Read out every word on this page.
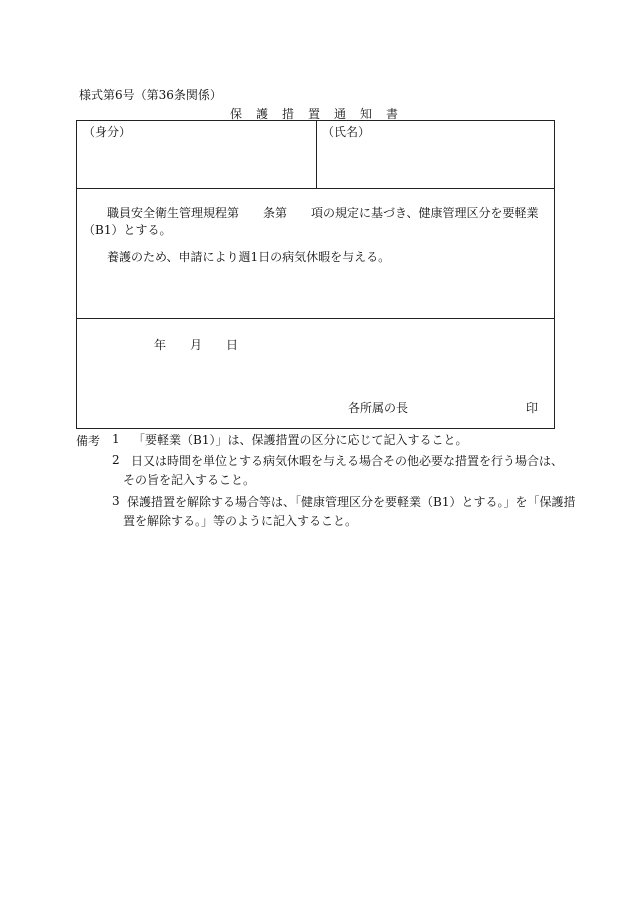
様式第6号（第36条関係）
保護措置通知書
（身分）	（氏名）
職員安全衛生管理規程第　　条第　　項の規定に基づき、健康管理区分を要軽業
（B1）とする。
養護のため、申請により週1日の病気休暇を与える。
年 月 日
各所属の長	印
備考 1 「要軽業（B1）」は、保護措置の区分に応じて記入すること。
2 日又は時間を単位とする病気休暇を与える場合その他必要な措置を行う場合は、
その旨を記入すること。
3 保護措置を解除する場合等は、「健康管理区分を要軽業（B1）とする。」を「保護措
置を解除する。」等のように記入すること。
